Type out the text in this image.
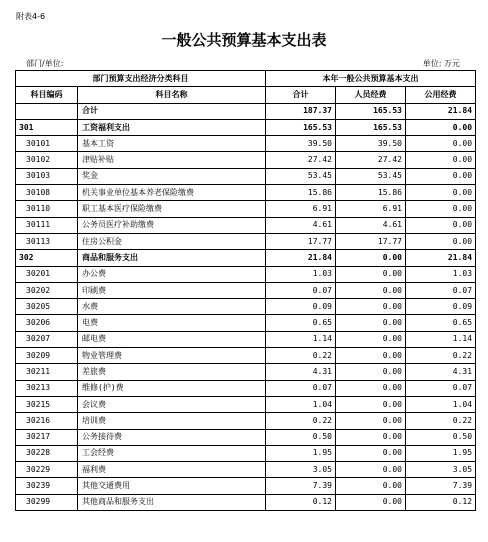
附表4-6
一般公共预算基本支出表
部门/单位:	单位: 万元
部门预算支出经济分类科目		本年一般公共预算基本支出		
科目编码	科目名称	合计	人员经费	公用经费
	合计	187.37	165.53	21.84
301	工资福利支出	165.53	165.53	0.00
30101	基本工资	39.50	39.50	0.00
30102	津贴补贴	27.42	27.42	0.00
30103	奖金	53.45	53.45	0.00
30108	机关事业单位基本养老保险缴费	15.86	15.86	0.00
30110	职工基本医疗保险缴费	6.91	6.91	0.00
30111	公务员医疗补助缴费	4.61	4.61	0.00
30113	住房公积金	17.77	17.77	0.00
302	商品和服务支出	21.84	0.00	21.84
30201	办公费	1.03	0.00	1.03
30202	印刷费	0.07	0.00	0.07
30205	水费	0.09	0.00	0.09
30206	电费	0.65	0.00	0.65
30207	邮电费	1.14	0.00	1.14
30209	物业管理费	0.22	0.00	0.22
30211	差旅费	4.31	0.00	4.31
30213	维修(护)费	0.07	0.00	0.07
30215	会议费	1.04	0.00	1.04
30216	培训费	0.22	0.00	0.22
30217	公务接待费	0.50	0.00	0.50
30228	工会经费	1.95	0.00	1.95
30229	福利费	3.05	0.00	3.05
30239	其他交通费用	7.39	0.00	7.39
30299	其他商品和服务支出	0.12	0.00	0.12
